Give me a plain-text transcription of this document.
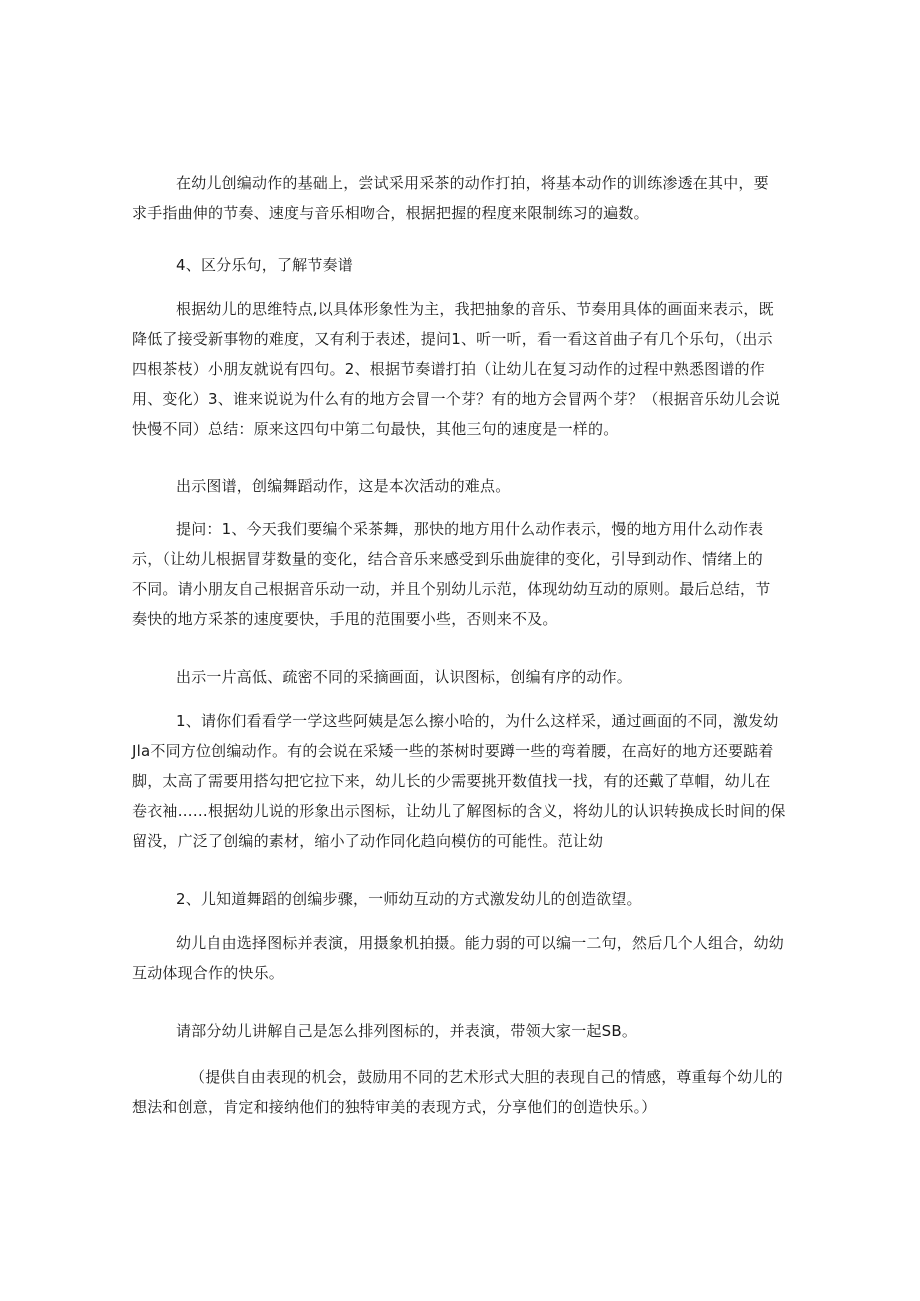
在幼儿创编动作的基础上，尝试采用采茶的动作打拍，将基本动作的训练渗透在其中，要
求手指曲伸的节奏、速度与音乐相吻合，根据把握的程度来限制练习的遍数。

4、区分乐句，了解节奏谱

根据幼儿的思维特点,以具体形象性为主，我把抽象的音乐、节奏用具体的画面来表示，既
降低了接受新事物的难度，又有利于表述，提问1、听一听，看一看这首曲子有几个乐句，（出示
四根茶枝）小朋友就说有四句。2、根据节奏谱打拍（让幼儿在复习动作的过程中熟悉图谱的作
用、变化）3、谁来说说为什么有的地方会冒一个芽？有的地方会冒两个芽？（根据音乐幼儿会说
快慢不同）总结：原来这四句中第二句最快，其他三句的速度是一样的。

出示图谱，创编舞蹈动作，这是本次活动的难点。

提问：1、今天我们要编个采茶舞，那快的地方用什么动作表示，慢的地方用什么动作表
示，（让幼儿根据冒芽数量的变化，结合音乐来感受到乐曲旋律的变化，引导到动作、情绪上的
不同。请小朋友自己根据音乐动一动，并且个别幼儿示范，体现幼幼互动的原则。最后总结，节
奏快的地方采茶的速度要快，手甩的范围要小些，否则来不及。

出示一片高低、疏密不同的采摘画面，认识图标，创编有序的动作。

1、请你们看看学一学这些阿姨是怎么擦小哈的，为什么这样采，通过画面的不同，激发幼
Jla不同方位创编动作。有的会说在采矮一些的茶树时要蹲一些的弯着腰，在高好的地方还要踮着
脚，太高了需要用搭勾把它拉下来，幼儿长的少需要挑开数值找一找，有的还戴了草帽，幼儿在
卷衣袖……根据幼儿说的形象出示图标，让幼儿了解图标的含义，将幼儿的认识转换成长时间的保
留没，广泛了创编的素材，缩小了动作同化趋向模仿的可能性。范让幼

2、儿知道舞蹈的创编步骤，一师幼互动的方式激发幼儿的创造欲望。

幼儿自由选择图标并表演，用摄象机拍摄。能力弱的可以编一二句，然后几个人组合，幼幼
互动体现合作的快乐。

请部分幼儿讲解自己是怎么排列图标的，并表演，带领大家一起SB。

（提供自由表现的机会，鼓励用不同的艺术形式大胆的表现自己的情感，尊重每个幼儿的
想法和创意，肯定和接纳他们的独特审美的表现方式，分享他们的创造快乐。）
